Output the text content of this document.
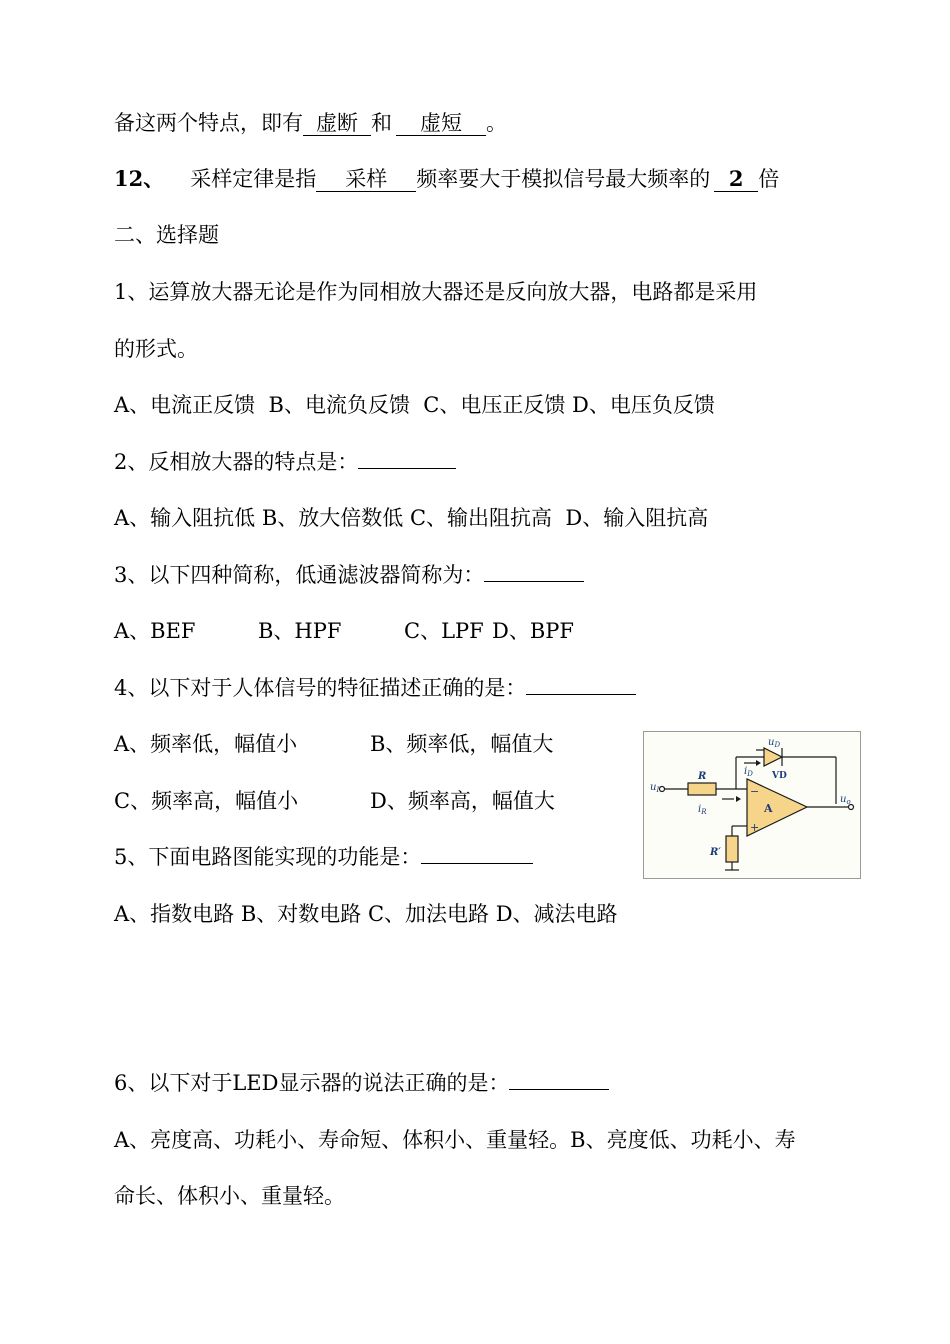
备这两个特点，即有 虚断 和 虚短 。
12、 采样定律是指 采样 频率要大于模拟信号最大频率的 2 倍
二、选择题
1、运算放大器无论是作为同相放大器还是反向放大器，电路都是采用
的形式。
A、电流正反馈  B、电流负反馈  C、电压正反馈 D、电压负反馈
2、反相放大器的特点是：
A、输入阻抗低 B、放大倍数低 C、输出阻抗高  D、输入阻抗高
3、以下四种简称，低通滤波器简称为：
A、BEF	B、HPF	C、LPF D、BPF
4、以下对于人体信号的特征描述正确的是：
A、频率低，幅值小	B、频率低，幅值大
C、频率高，幅值小	D、频率高，幅值大
5、下面电路图能实现的功能是：
A、指数电路 B、对数电路 C、加法电路 D、减法电路
6、以下对于LED显示器的说法正确的是：
A、亮度高、功耗小、寿命短、体积小、重量轻。B、亮度低、功耗小、寿
命长、体积小、重量轻。
$u_I$
R
$i_R$
$i_D$
$u_D$
VD
A
−
+
R′
$u_o$
